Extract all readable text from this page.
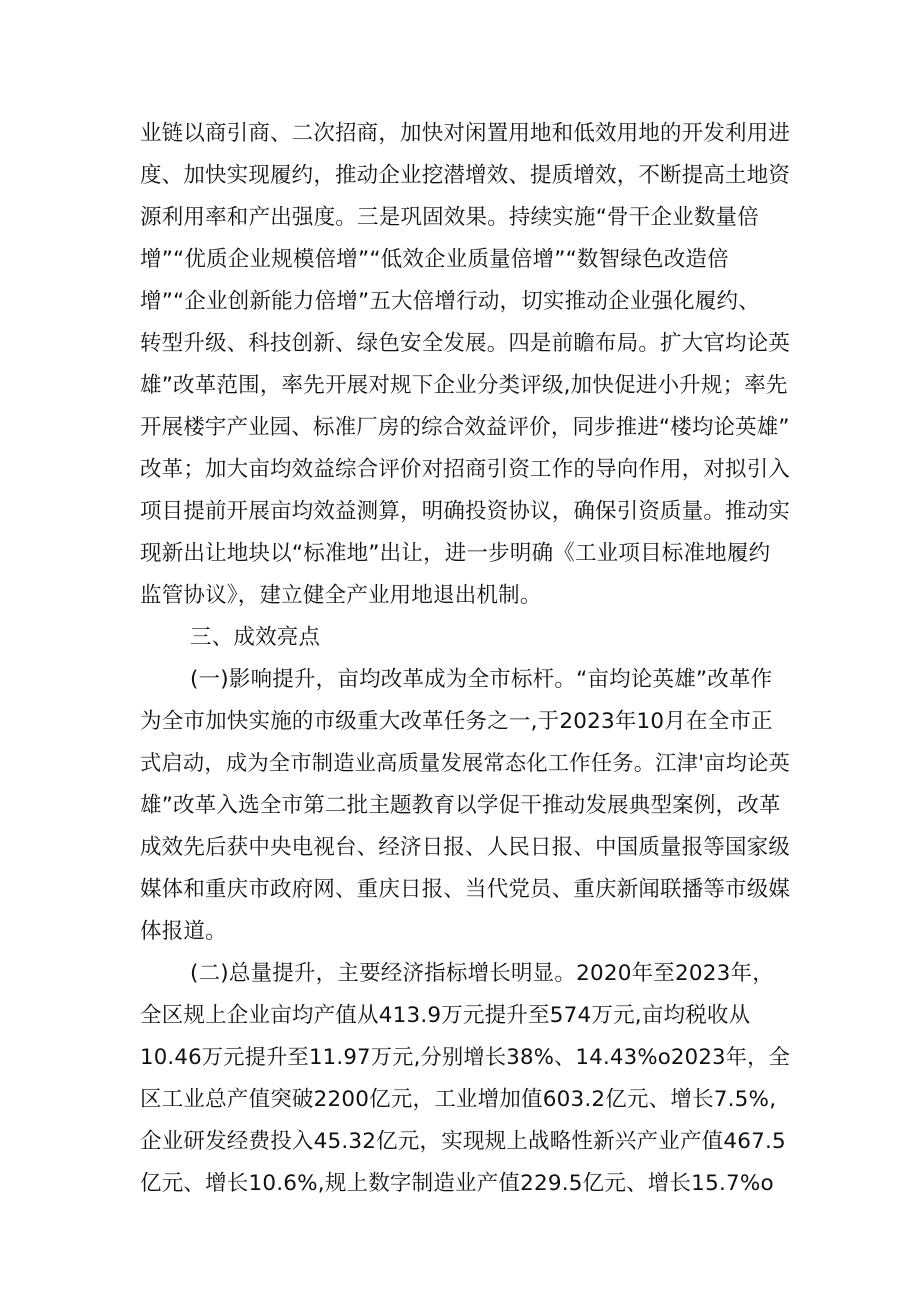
业链以商引商、二次招商，加快对闲置用地和低效用地的开发利用进
度、加快实现履约，推动企业挖潜增效、提质增效，不断提高土地资
源利用率和产出强度。三是巩固效果。持续实施“骨干企业数量倍
增”“优质企业规模倍增”“低效企业质量倍增”“数智绿色改造倍
增”“企业创新能力倍增”五大倍增行动，切实推动企业强化履约、
转型升级、科技创新、绿色安全发展。四是前瞻布局。扩大官均论英
雄”改革范围，率先开展对规下企业分类评级,加快促进小升规；率先
开展楼宇产业园、标准厂房的综合效益评价，同步推进“楼均论英雄”
改革；加大亩均效益综合评价对招商引资工作的导向作用，对拟引入
项目提前开展亩均效益测算，明确投资协议，确保引资质量。推动实
现新出让地块以“标准地”出让，进一步明确《工业项目标准地履约
监管协议》，建立健全产业用地退出机制。
三、成效亮点
(一)影响提升，亩均改革成为全市标杆。“亩均论英雄”改革作
为全市加快实施的市级重大改革任务之一,于2023年10月在全市正
式启动，成为全市制造业高质量发展常态化工作任务。江津'亩均论英
雄”改革入选全市第二批主题教育以学促干推动发展典型案例，改革
成效先后获中央电视台、经济日报、人民日报、中国质量报等国家级
媒体和重庆市政府网、重庆日报、当代党员、重庆新闻联播等市级媒
体报道。
(二)总量提升，主要经济指标增长明显。2020年至2023年，
全区规上企业亩均产值从413.9万元提升至574万元,亩均税收从
10.46万元提升至11.97万元,分别增长38%、14.43%o2023年，全
区工业总产值突破2200亿元，工业增加值603.2亿元、增长7.5%,
企业研发经费投入45.32亿元，实现规上战略性新兴产业产值467.5
亿元、增长10.6%,规上数字制造业产值229.5亿元、增长15.7%o
